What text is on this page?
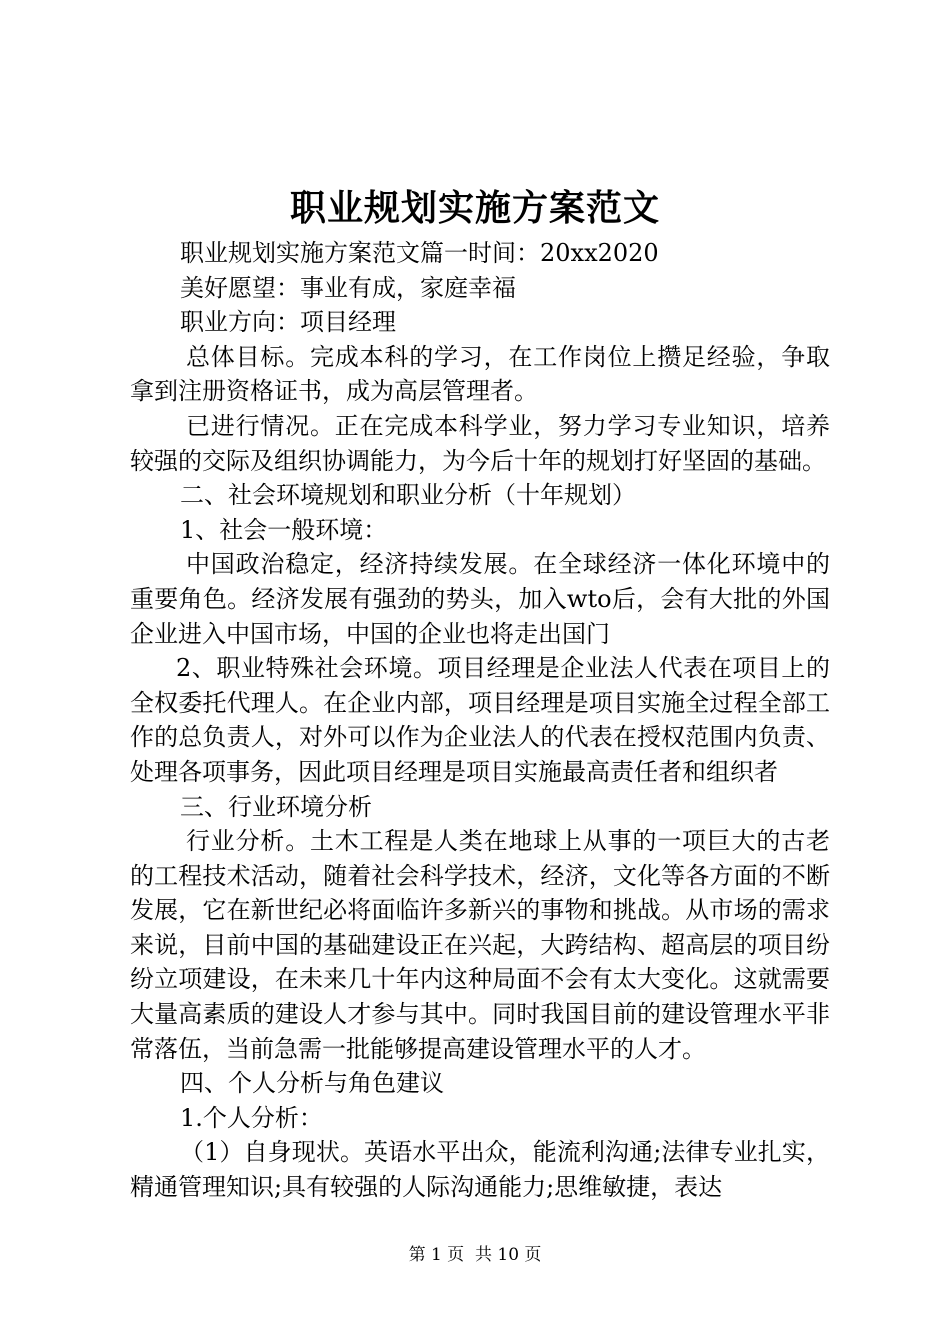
职业规划实施方案范文

职业规划实施方案范文篇一时间：20xx2020

美好愿望：事业有成，家庭幸福

职业方向：项目经理

总体目标。完成本科的学习，在工作岗位上攒足经验，争取拿到注册资格证书，成为高层管理者。

已进行情况。正在完成本科学业，努力学习专业知识，培养较强的交际及组织协调能力，为今后十年的规划打好坚固的基础。

二、社会环境规划和职业分析（十年规划）

1、社会一般环境：

中国政治稳定，经济持续发展。在全球经济一体化环境中的重要角色。经济发展有强劲的势头，加入wto后，会有大批的外国企业进入中国市场，中国的企业也将走出国门

2、职业特殊社会环境。项目经理是企业法人代表在项目上的全权委托代理人。在企业内部，项目经理是项目实施全过程全部工作的总负责人，对外可以作为企业法人的代表在授权范围内负责、处理各项事务，因此项目经理是项目实施最高责任者和组织者

三、行业环境分析

行业分析。土木工程是人类在地球上从事的一项巨大的古老的工程技术活动，随着社会科学技术，经济，文化等各方面的不断发展，它在新世纪必将面临许多新兴的事物和挑战。从市场的需求来说，目前中国的基础建设正在兴起，大跨结构、超高层的项目纷纷立项建设，在未来几十年内这种局面不会有太大变化。这就需要大量高素质的建设人才参与其中。同时我国目前的建设管理水平非常落伍，当前急需一批能够提高建设管理水平的人才。

四、个人分析与角色建议

1.个人分析：

（1）自身现状。英语水平出众，能流利沟通;法律专业扎实，精通管理知识;具有较强的人际沟通能力;思维敏捷，表达

第 1 页  共 10 页
